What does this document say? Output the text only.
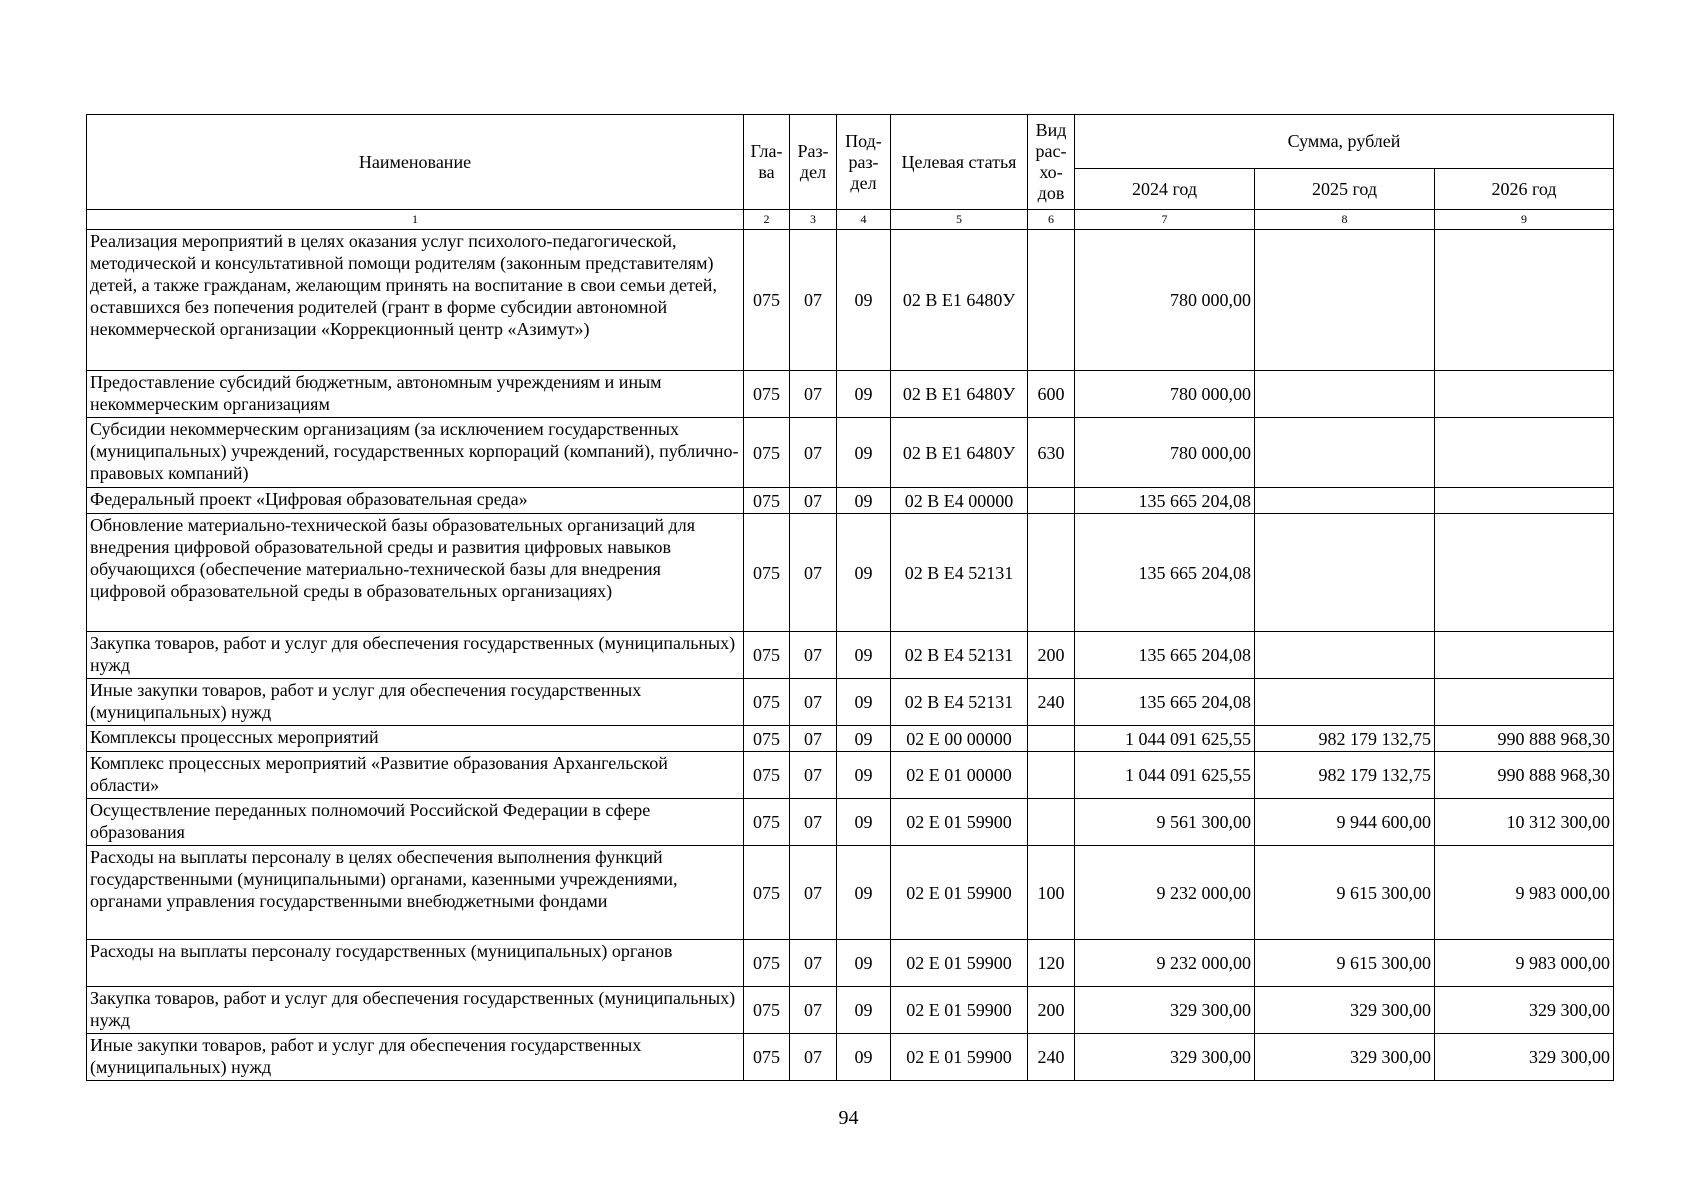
Наименование	Гла-ва	Раз-дел	Под-раз-дел	Целевая статья	Вид рас-хо-дов	Сумма, рублей		
						2024 год	2025 год	2026 год
1	2	3	4	5	6	7	8	9
Реализация мероприятий в целях оказания услуг психолого-педагогической, методической и консультативной помощи родителям (законным представителям) детей, а также гражданам, желающим принять на воспитание в свои семьи детей, оставшихся без попечения родителей (грант в форме субсидии автономной некоммерческой организации «Коррекционный центр «Азимут»)	075	07	09	02 В Е1 6480У		780 000,00		
Предоставление субсидий бюджетным, автономным учреждениям и иным некоммерческим организациям	075	07	09	02 В Е1 6480У	600	780 000,00		
Субсидии некоммерческим организациям (за исключением государственных (муниципальных) учреждений, государственных корпораций (компаний), публично-правовых компаний)	075	07	09	02 В Е1 6480У	630	780 000,00		
Федеральный проект «Цифровая образовательная среда»	075	07	09	02 В Е4 00000		135 665 204,08		
Обновление материально-технической базы образовательных организаций для внедрения цифровой образовательной среды и развития цифровых навыков обучающихся (обеспечение материально-технической базы для внедрения цифровой образовательной среды в образовательных организациях)	075	07	09	02 В Е4 52131		135 665 204,08		
Закупка товаров, работ и услуг для обеспечения государственных (муниципальных) нужд	075	07	09	02 В Е4 52131	200	135 665 204,08		
Иные закупки товаров, работ и услуг для обеспечения государственных (муниципальных) нужд	075	07	09	02 В Е4 52131	240	135 665 204,08		
Комплексы процессных мероприятий	075	07	09	02 Е 00 00000		1 044 091 625,55	982 179 132,75	990 888 968,30
Комплекс процессных мероприятий «Развитие образования Архангельской области»	075	07	09	02 Е 01 00000		1 044 091 625,55	982 179 132,75	990 888 968,30
Осуществление переданных полномочий Российской Федерации в сфере образования	075	07	09	02 Е 01 59900		9 561 300,00	9 944 600,00	10 312 300,00
Расходы на выплаты персоналу в целях обеспечения выполнения функций государственными (муниципальными) органами, казенными учреждениями, органами управления государственными внебюджетными фондами	075	07	09	02 Е 01 59900	100	9 232 000,00	9 615 300,00	9 983 000,00
Расходы на выплаты персоналу государственных (муниципальных) органов	075	07	09	02 Е 01 59900	120	9 232 000,00	9 615 300,00	9 983 000,00
Закупка товаров, работ и услуг для обеспечения государственных (муниципальных) нужд	075	07	09	02 Е 01 59900	200	329 300,00	329 300,00	329 300,00
Иные закупки товаров, работ и услуг для обеспечения государственных (муниципальных) нужд	075	07	09	02 Е 01 59900	240	329 300,00	329 300,00	329 300,00
94
